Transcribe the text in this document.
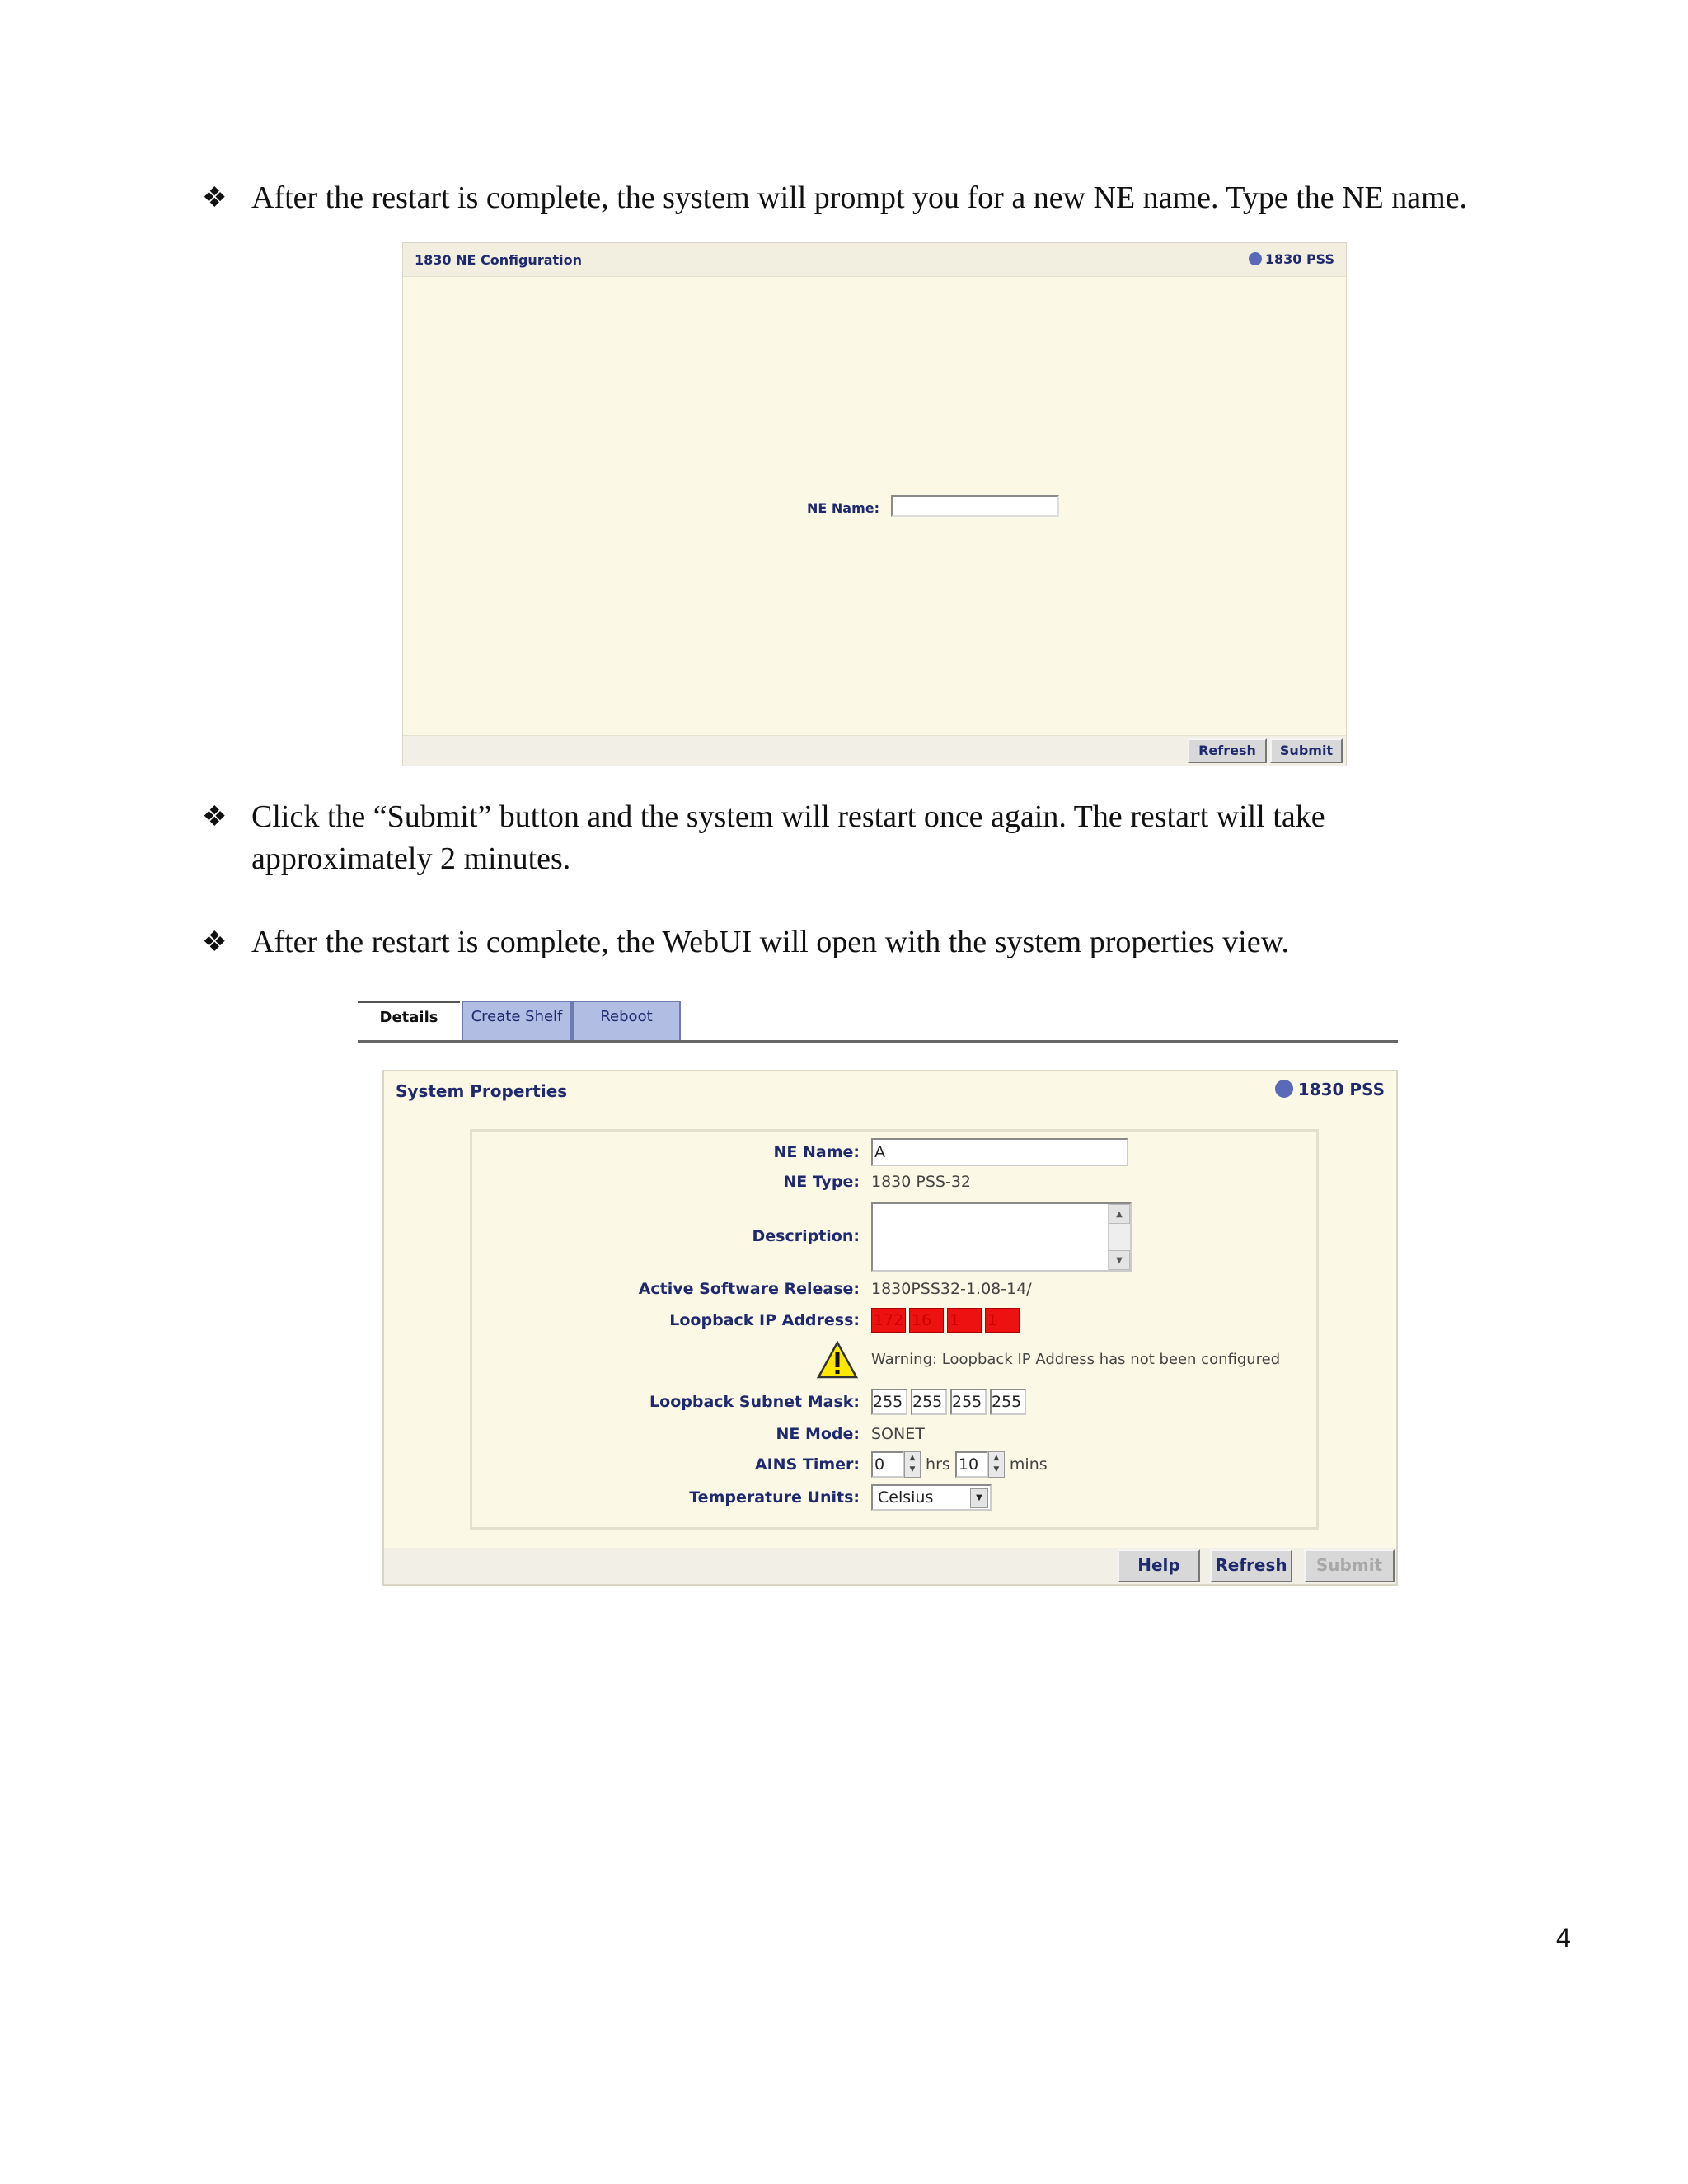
❖ After the restart is complete, the system will prompt you for a new NE name. Type the NE name.
1830 NE Configuration	1830 PSS
NE Name:
Refresh	Submit
❖ Click the “Submit” button and the system will restart once again. The restart will take approximately 2 minutes.
❖ After the restart is complete, the WebUI will open with the system properties view.
Details	Create Shelf	Reboot
System Properties	1830 PSS
NE Name: A
NE Type: 1830 PSS-32
Description:
▲
▼
Active Software Release: 1830PSS32-1.08-14/
Loopback IP Address: 172 16 1 1
Warning: Loopback IP Address has not been configured
Loopback Subnet Mask: 255 255 255 255
NE Mode: SONET
AINS Timer: 0	▲
▼ hrs 10 ▲
▼ mins
Temperature Units:	Celsius	▼
Help	Refresh	Submit
4
